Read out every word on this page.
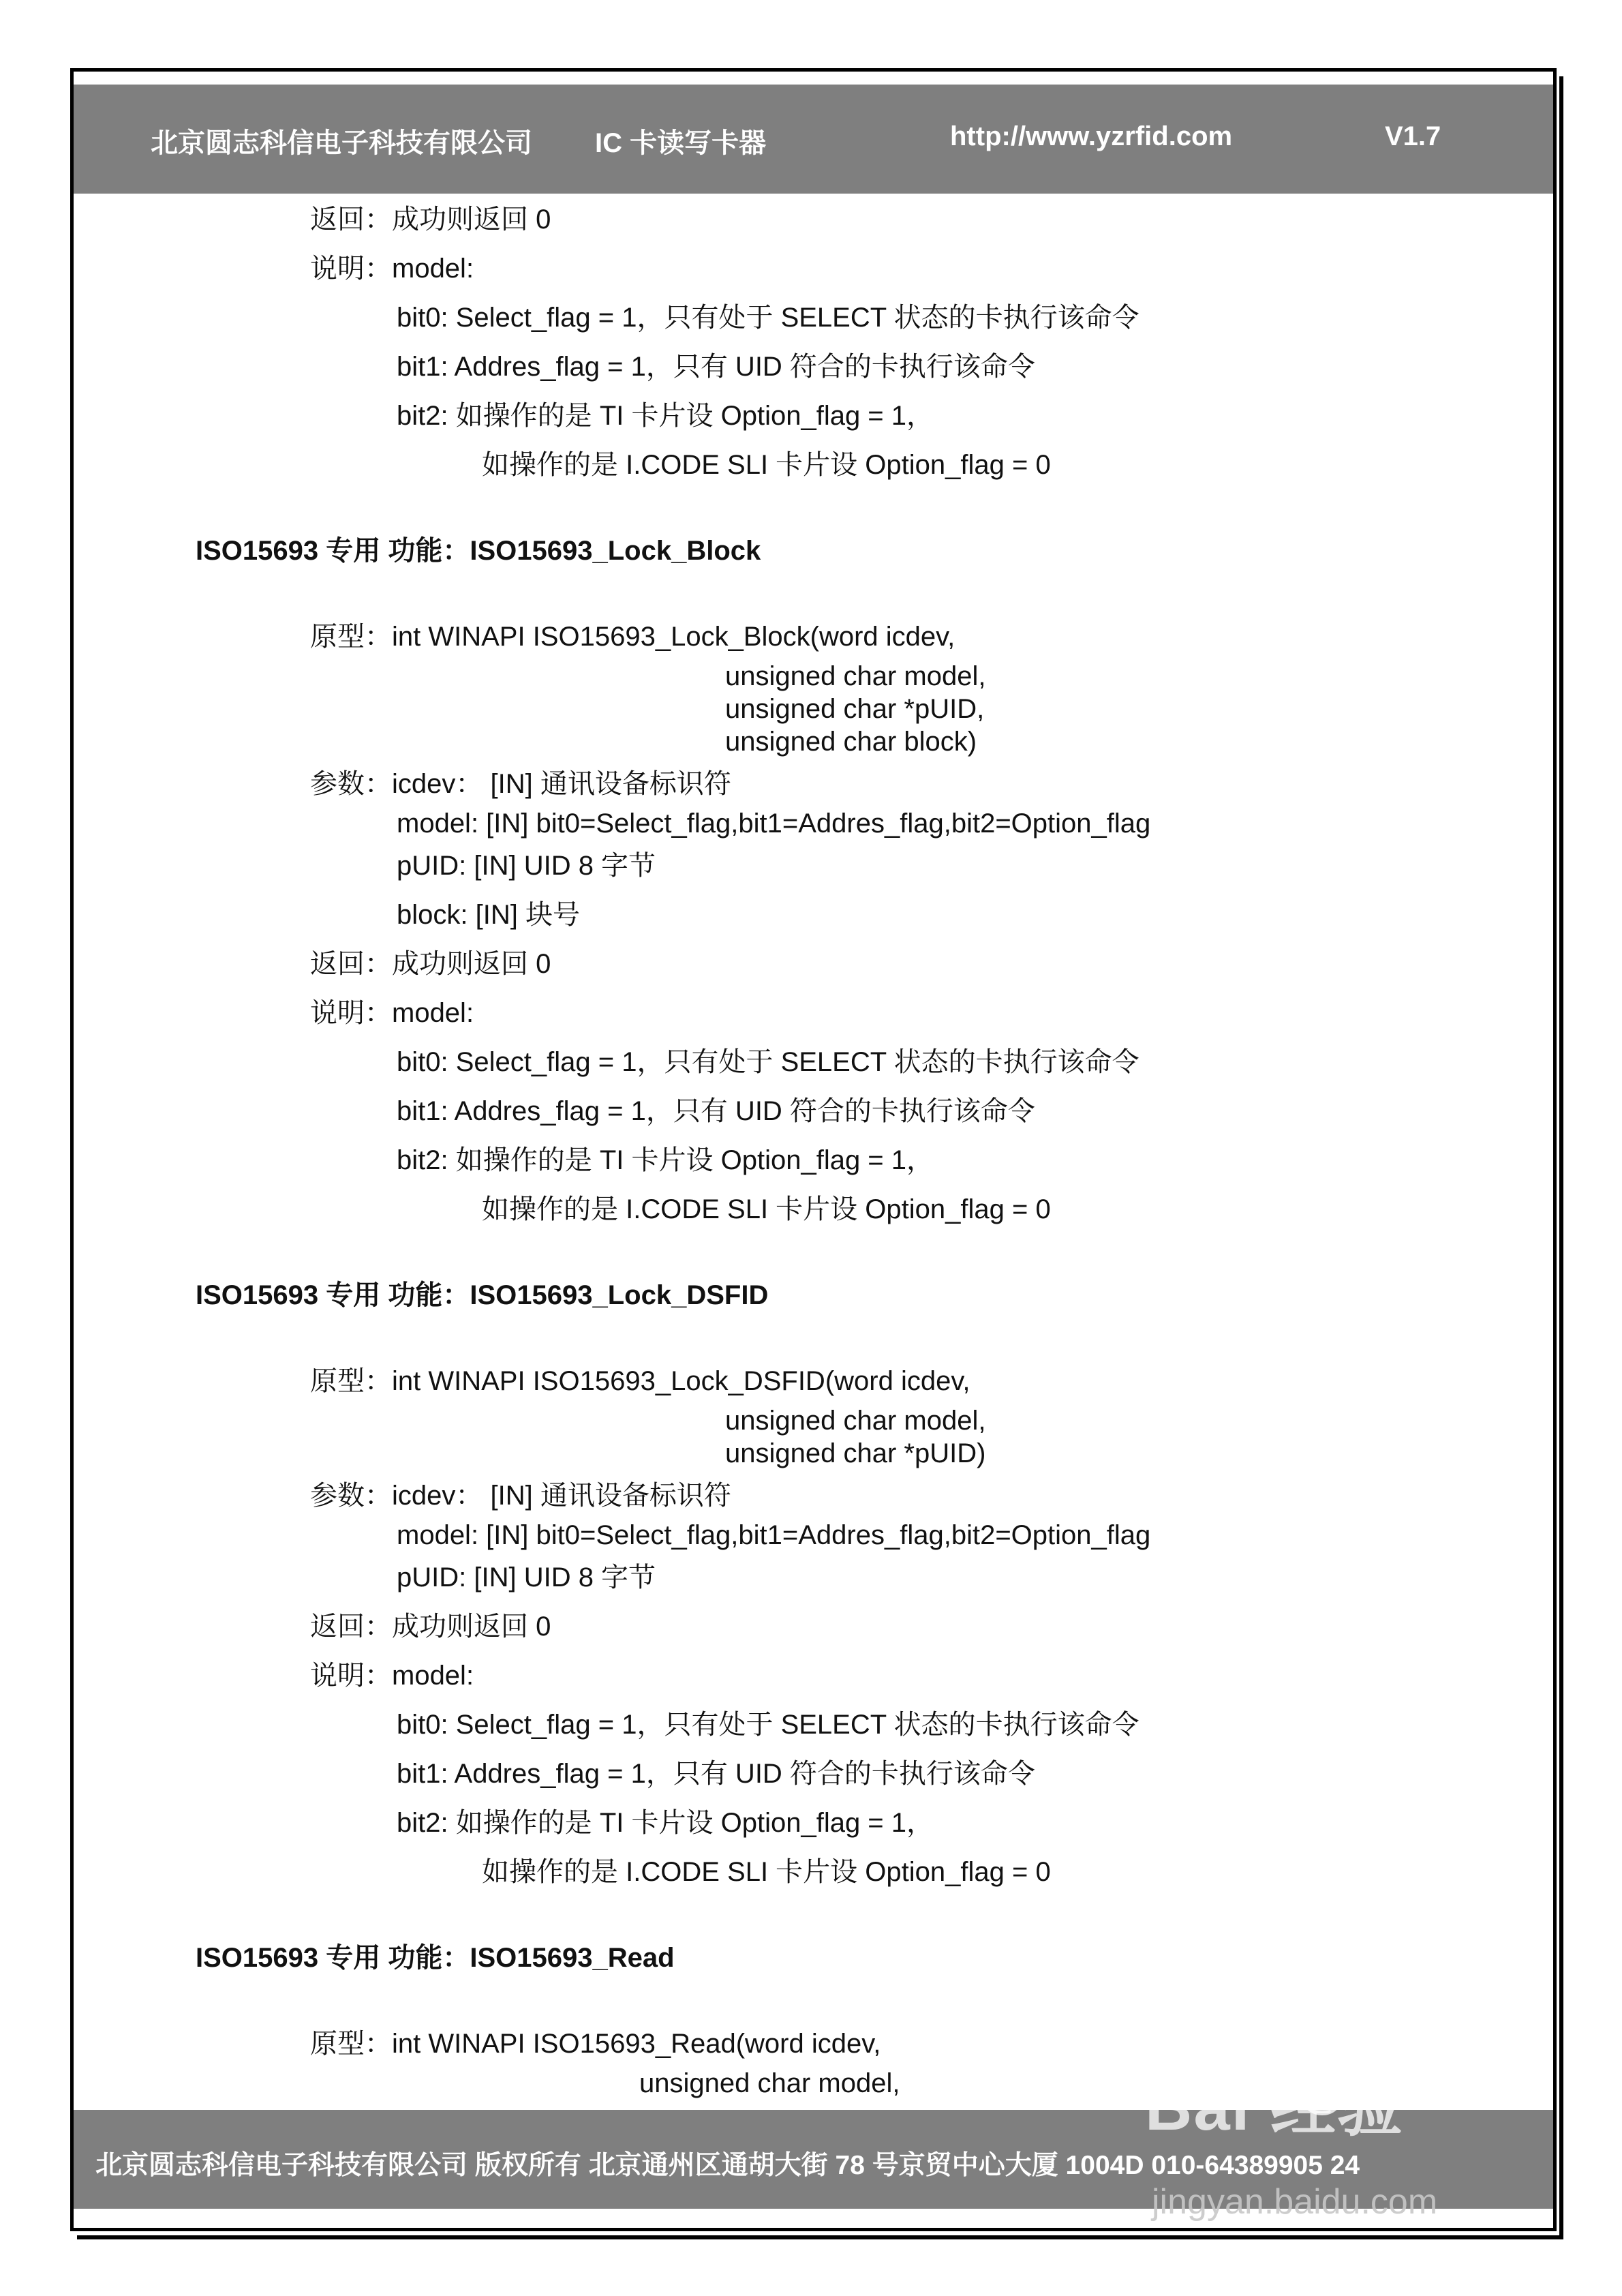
北京圆志科信电子科技有限公司 IC 卡读写卡器	http://www.yzrfid.com	V1.7
返回：成功则返回 0
说明：model:
bit0: Select_flag = 1，只有处于 SELECT 状态的卡执行该命令
bit1: Addres_flag = 1，只有 UID 符合的卡执行该命令
bit2: 如操作的是 TI 卡片设 Option_flag = 1，
如操作的是 I.CODE SLI 卡片设 Option_flag = 0
ISO15693 专用 功能：ISO15693_Lock_Block
原型：int WINAPI ISO15693_Lock_Block(word icdev,
unsigned char model,
unsigned char *pUID,
unsigned char block)
参数：icdev： [IN] 通讯设备标识符
model: [IN] bit0=Select_flag,bit1=Addres_flag,bit2=Option_flag
pUID: [IN] UID 8 字节
block: [IN] 块号
返回：成功则返回 0
说明：model:
bit0: Select_flag = 1，只有处于 SELECT 状态的卡执行该命令
bit1: Addres_flag = 1，只有 UID 符合的卡执行该命令
bit2: 如操作的是 TI 卡片设 Option_flag = 1，
如操作的是 I.CODE SLI 卡片设 Option_flag = 0
ISO15693 专用 功能：ISO15693_Lock_DSFID
原型：int WINAPI ISO15693_Lock_DSFID(word icdev,
unsigned char model,
unsigned char *pUID)
参数：icdev： [IN] 通讯设备标识符
model: [IN] bit0=Select_flag,bit1=Addres_flag,bit2=Option_flag
pUID: [IN] UID 8 字节
返回：成功则返回 0
说明：model:
bit0: Select_flag = 1，只有处于 SELECT 状态的卡执行该命令
bit1: Addres_flag = 1，只有 UID 符合的卡执行该命令
bit2: 如操作的是 TI 卡片设 Option_flag = 1，
如操作的是 I.CODE SLI 卡片设 Option_flag = 0
ISO15693 专用 功能：ISO15693_Read
原型：int WINAPI ISO15693_Read(word icdev,
unsigned char model,
北京圆志科信电子科技有限公司 版权所有 北京通州区通胡大街 78 号京贸中心大厦 1004D 010-64389905 24
Bai 经验
jingyan.baidu.com
